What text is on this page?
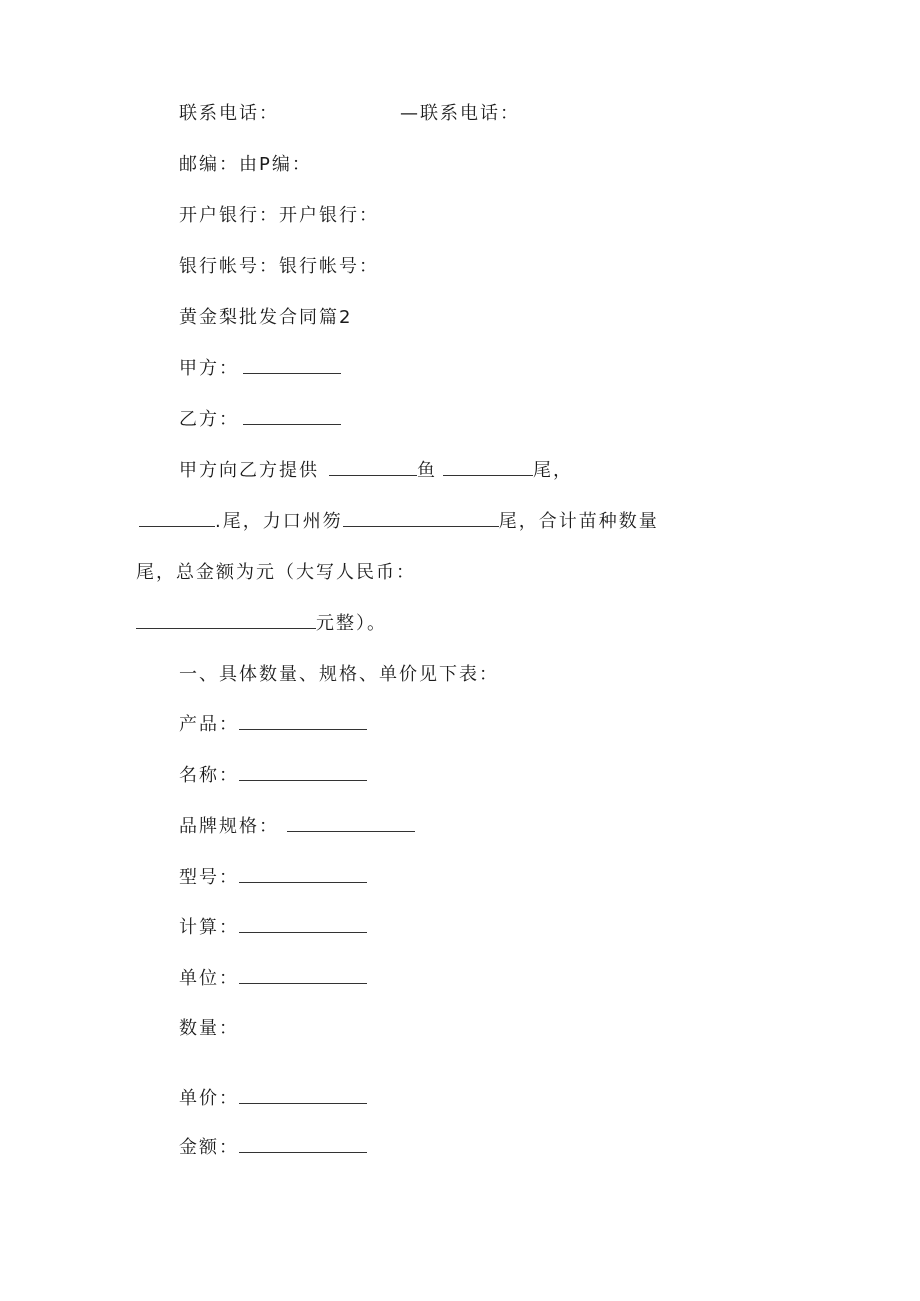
联系电话：	—联系电话：
邮编：由P编：
开户银行：开户银行：
银行帐号：银行帐号：
黄金梨批发合同篇2
甲方：
乙方：
甲方向乙方提供	鱼	尾，
.尾，力口州笏	尾，合计苗种数量
尾，总金额为元（大写人民币：
元整）。
一、具体数量、规格、单价见下表：
产品：
名称：
品牌规格：
型号：
计算：
单位：
数量：
单价：
金额：
